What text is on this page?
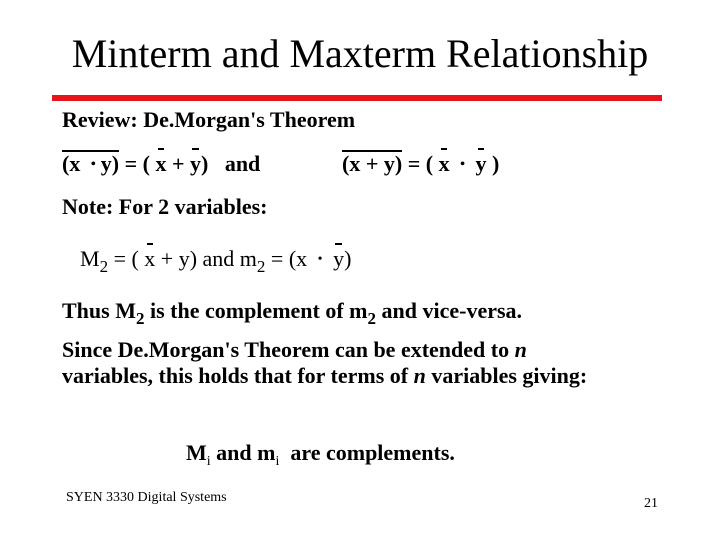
Minterm and Maxterm Relationship
Review: De.Morgan's Theorem
(x • y) = ( x + y) and	(x + y) = ( x • y )
Note: For 2 variables:
$M_2$ = ( x + y) and $m_2 = (x$ • y)
Thus $M_2$ is the complement of $m_2$ and vice-versa.
Since De.Morgan's Theorem can be extended to n variables, this holds that for terms of n variables giving:
$M_i$ and $m_i$ are complements.
SYEN 3330 Digital Systems	21
